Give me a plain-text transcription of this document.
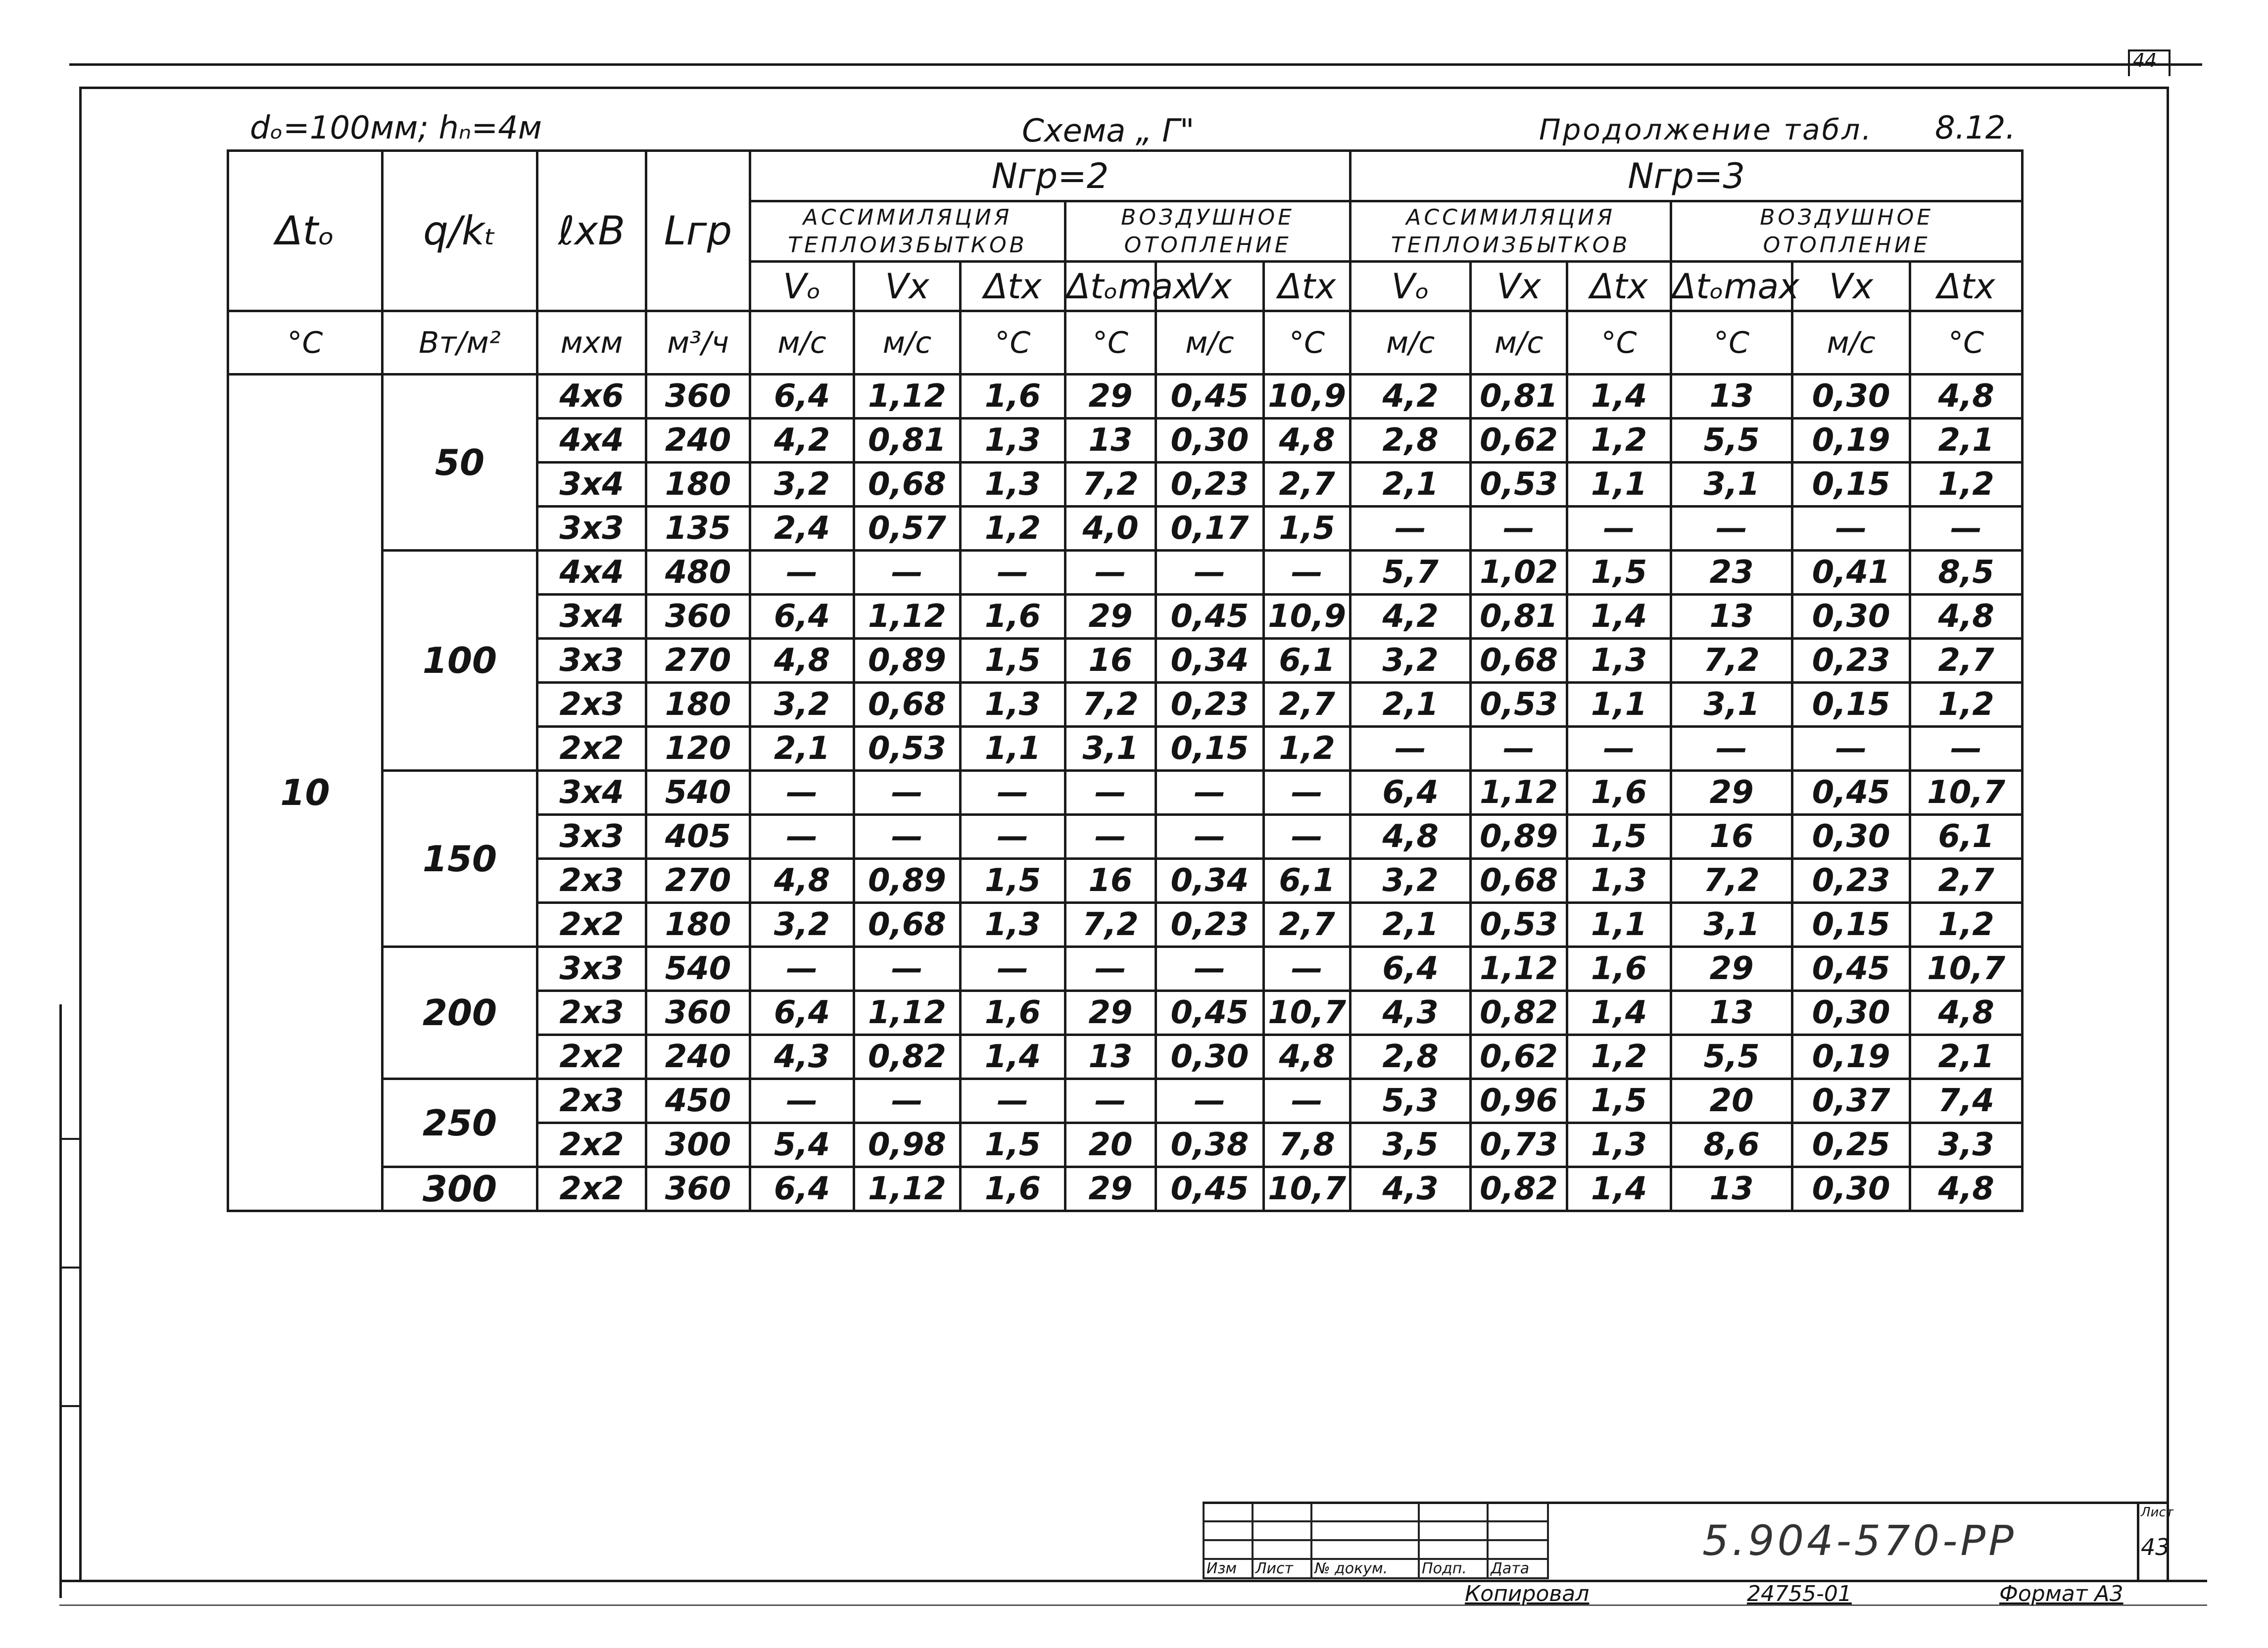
44
dₒ=100мм; hₙ=4м	Схема „ Г"	Продолжение табл. 8.12.
Δtₒ	q/kₜ	ℓxB	Lгр	Nгр=2						Nгр=3					
				АССИМИЛЯЦИЯ ТЕПЛОИЗБЫТКОВ			ВОЗДУШНОЕ ОТОПЛЕНИЕ			АССИМИЛЯЦИЯ ТЕПЛОИЗБЫТКОВ			ВОЗДУШНОЕ ОТОПЛЕНИЕ		
				Vₒ	Vx	Δtx	Δtₒmax	Vx	Δtx	Vₒ	Vx	Δtx	Δtₒmax	Vx	Δtx
°C	Вт/м²	мхм	м³/ч	м/с	м/с	°C	°C	м/с	°C	м/с	м/с	°C	°C	м/с	°C
10	50	4x6	360	6,4	1,12	1,6	29	0,45	10,9	4,2	0,81	1,4	13	0,30	4,8
		4x4	240	4,2	0,81	1,3	13	0,30	4,8	2,8	0,62	1,2	5,5	0,19	2,1
		3x4	180	3,2	0,68	1,3	7,2	0,23	2,7	2,1	0,53	1,1	3,1	0,15	1,2
		3x3	135	2,4	0,57	1,2	4,0	0,17	1,5	—	—	—	—	—	—
	100	4x4	480	—	—	—	—	—	—	5,7	1,02	1,5	23	0,41	8,5
		3x4	360	6,4	1,12	1,6	29	0,45	10,9	4,2	0,81	1,4	13	0,30	4,8
		3x3	270	4,8	0,89	1,5	16	0,34	6,1	3,2	0,68	1,3	7,2	0,23	2,7
		2x3	180	3,2	0,68	1,3	7,2	0,23	2,7	2,1	0,53	1,1	3,1	0,15	1,2
		2x2	120	2,1	0,53	1,1	3,1	0,15	1,2	—	—	—	—	—	—
	150	3x4	540	—	—	—	—	—	—	6,4	1,12	1,6	29	0,45	10,7
		3x3	405	—	—	—	—	—	—	4,8	0,89	1,5	16	0,30	6,1
		2x3	270	4,8	0,89	1,5	16	0,34	6,1	3,2	0,68	1,3	7,2	0,23	2,7
		2x2	180	3,2	0,68	1,3	7,2	0,23	2,7	2,1	0,53	1,1	3,1	0,15	1,2
	200	3x3	540	—	—	—	—	—	—	6,4	1,12	1,6	29	0,45	10,7
		2x3	360	6,4	1,12	1,6	29	0,45	10,7	4,3	0,82	1,4	13	0,30	4,8
		2x2	240	4,3	0,82	1,4	13	0,30	4,8	2,8	0,62	1,2	5,5	0,19	2,1
	250	2x3	450	—	—	—	—	—	—	5,3	0,96	1,5	20	0,37	7,4
		2x2	300	5,4	0,98	1,5	20	0,38	7,8	3,5	0,73	1,3	8,6	0,25	3,3
	300	2x2	360	6,4	1,12	1,6	29	0,45	10,7	4,3	0,82	1,4	13	0,30	4,8

Изм	Лист	№ докум.	Подп.	Дата
5.904-570-РР
Лист
43
Копировал	24755-01	Формат А3
